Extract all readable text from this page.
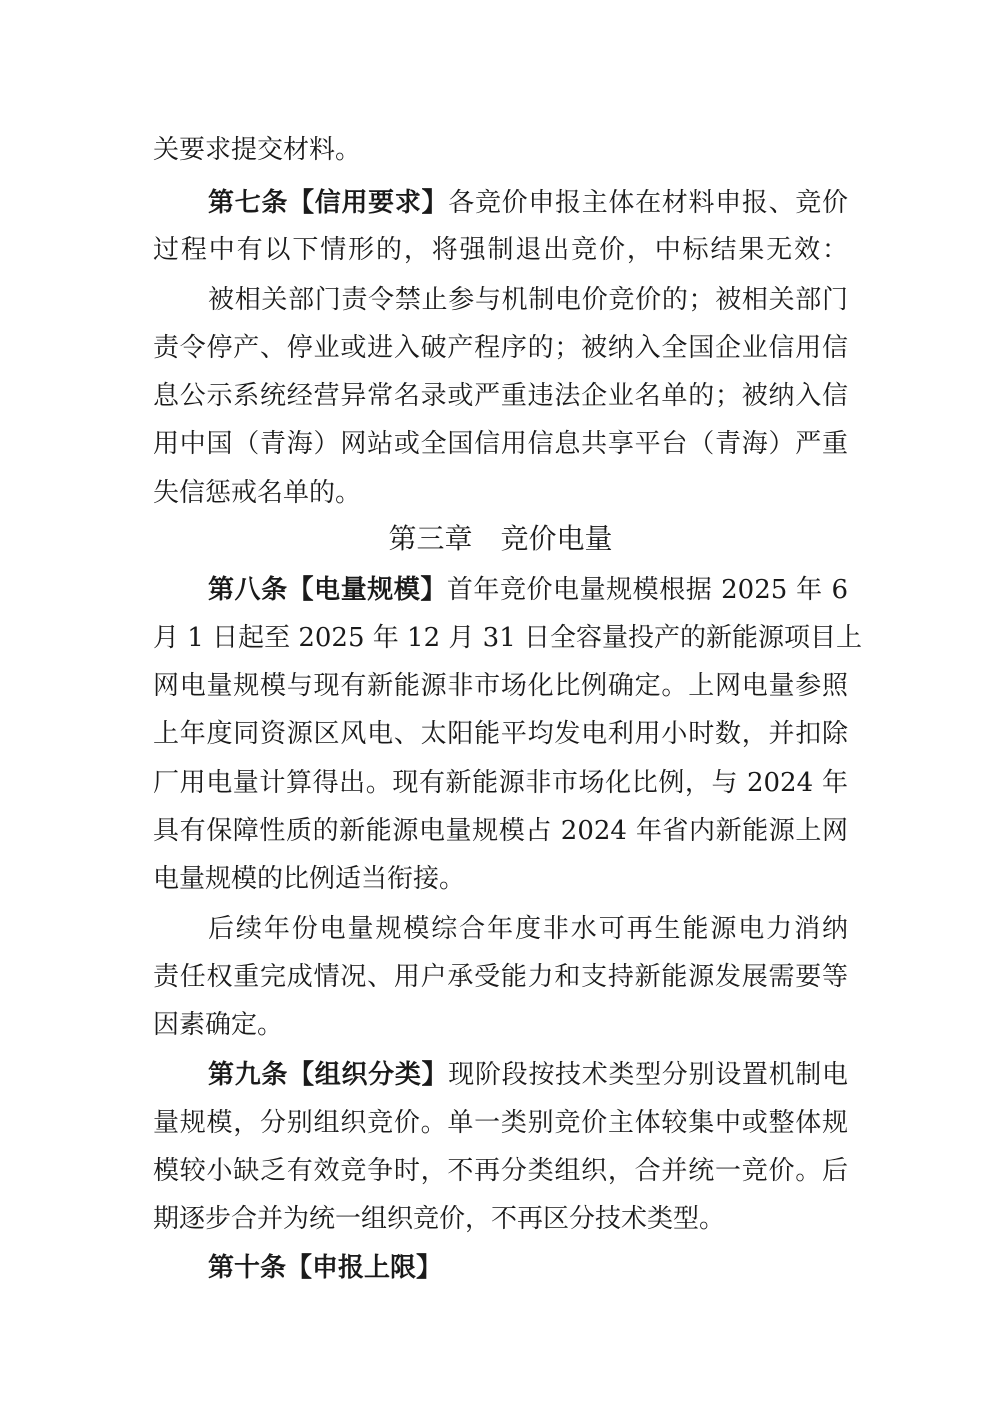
关要求提交材料。
第七条【信用要求】各竞价申报主体在材料申报、竞价
过程中有以下情形的，将强制退出竞价，中标结果无效：
被相关部门责令禁止参与机制电价竞价的；被相关部门
责令停产、停业或进入破产程序的；被纳入全国企业信用信
息公示系统经营异常名录或严重违法企业名单的；被纳入信
用中国（青海）网站或全国信用信息共享平台（青海）严重
失信惩戒名单的。
第三章　竞价电量
第八条【电量规模】首年竞价电量规模根据 2025 年 6
月 1 日起至 2025 年 12 月 31 日全容量投产的新能源项目上
网电量规模与现有新能源非市场化比例确定。上网电量参照
上年度同资源区风电、太阳能平均发电利用小时数，并扣除
厂用电量计算得出。现有新能源非市场化比例，与 2024 年
具有保障性质的新能源电量规模占 2024 年省内新能源上网
电量规模的比例适当衔接。
后续年份电量规模综合年度非水可再生能源电力消纳
责任权重完成情况、用户承受能力和支持新能源发展需要等
因素确定。
第九条【组织分类】现阶段按技术类型分别设置机制电
量规模，分别组织竞价。单一类别竞价主体较集中或整体规
模较小缺乏有效竞争时，不再分类组织，合并统一竞价。后
期逐步合并为统一组织竞价，不再区分技术类型。
第十条【申报上限】
